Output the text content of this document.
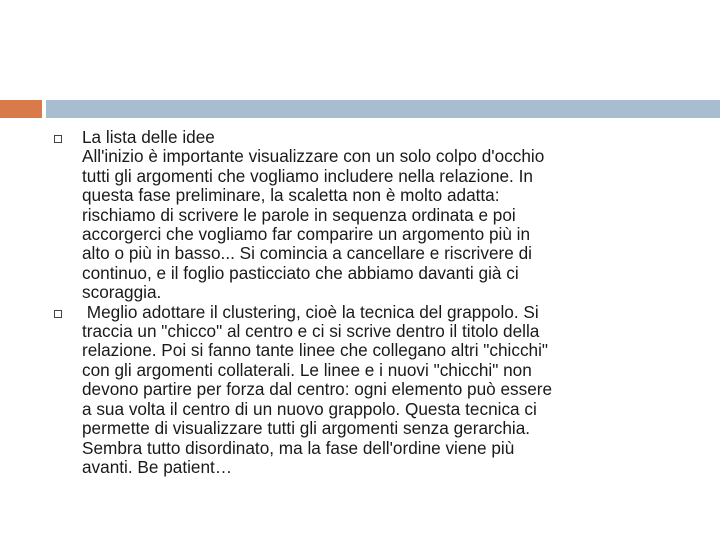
La lista delle idee
All'inizio è importante visualizzare con un solo colpo d'occhio
tutti gli argomenti che vogliamo includere nella relazione. In
questa fase preliminare, la scaletta non è molto adatta:
rischiamo di scrivere le parole in sequenza ordinata e poi
accorgerci che vogliamo far comparire un argomento più in
alto o più in basso... Si comincia a cancellare e riscrivere di
continuo, e il foglio pasticciato che abbiamo davanti già ci
scoraggia.
Meglio adottare il clustering, cioè la tecnica del grappolo. Si
traccia un "chicco" al centro e ci si scrive dentro il titolo della
relazione. Poi si fanno tante linee che collegano altri "chicchi"
con gli argomenti collaterali. Le linee e i nuovi "chicchi" non
devono partire per forza dal centro: ogni elemento può essere
a sua volta il centro di un nuovo grappolo. Questa tecnica ci
permette di visualizzare tutti gli argomenti senza gerarchia.
Sembra tutto disordinato, ma la fase dell'ordine viene più
avanti. Be patient…
